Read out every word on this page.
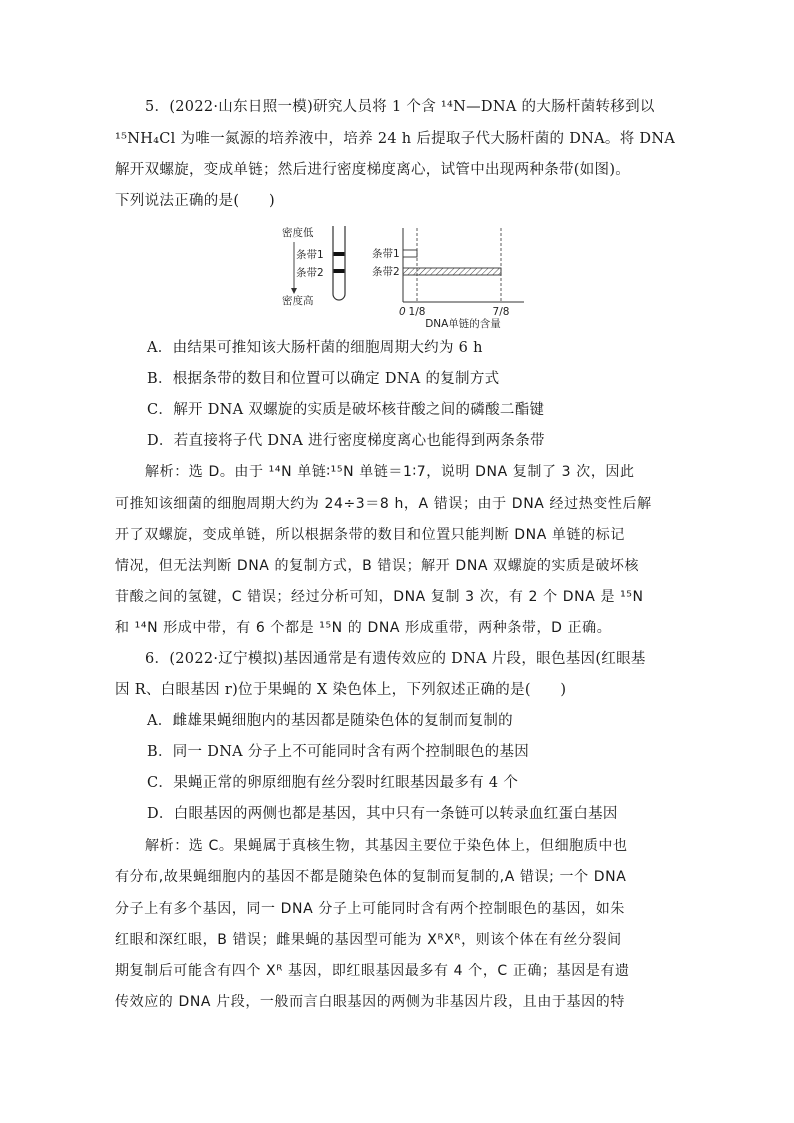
5．(2022·山东日照一模)研究人员将 1 个含 ¹⁴N—DNA 的大肠杆菌转移到以
¹⁵NH₄Cl 为唯一氮源的培养液中，培养 24 h 后提取子代大肠杆菌的 DNA。将 DNA
解开双螺旋，变成单链；然后进行密度梯度离心，试管中出现两种条带(如图)。
下列说法正确的是(　　)
密度低
条带1
条带2
密度高
条带1
条带2
0 1/8	7/8
DNA单链的含量
A．由结果可推知该大肠杆菌的细胞周期大约为 6 h
B．根据条带的数目和位置可以确定 DNA 的复制方式
C．解开 DNA 双螺旋的实质是破坏核苷酸之间的磷酸二酯键
D．若直接将子代 DNA 进行密度梯度离心也能得到两条条带
解析：选 D。由于 ¹⁴N 单链∶¹⁵N 单链＝1∶7，说明 DNA 复制了 3 次，因此
可推知该细菌的细胞周期大约为 24÷3＝8 h，A 错误；由于 DNA 经过热变性后解
开了双螺旋，变成单链，所以根据条带的数目和位置只能判断 DNA 单链的标记
情况，但无法判断 DNA 的复制方式，B 错误；解开 DNA 双螺旋的实质是破坏核
苷酸之间的氢键，C 错误；经过分析可知，DNA 复制 3 次，有 2 个 DNA 是 ¹⁵N
和 ¹⁴N 形成中带，有 6 个都是 ¹⁵N 的 DNA 形成重带，两种条带，D 正确。
6．(2022·辽宁模拟)基因通常是有遗传效应的 DNA 片段，眼色基因(红眼基
因 R、白眼基因 r)位于果蝇的 X 染色体上，下列叙述正确的是(　　)
A．雌雄果蝇细胞内的基因都是随染色体的复制而复制的
B．同一 DNA 分子上不可能同时含有两个控制眼色的基因
C．果蝇正常的卵原细胞有丝分裂时红眼基因最多有 4 个
D．白眼基因的两侧也都是基因，其中只有一条链可以转录血红蛋白基因
解析：选 C。果蝇属于真核生物，其基因主要位于染色体上，但细胞质中也
有分布,故果蝇细胞内的基因不都是随染色体的复制而复制的,A 错误; 一个 DNA
分子上有多个基因，同一 DNA 分子上可能同时含有两个控制眼色的基因，如朱
红眼和深红眼，B 错误；雌果蝇的基因型可能为 XᴿXᴿ，则该个体在有丝分裂间
期复制后可能含有四个 Xᴿ 基因，即红眼基因最多有 4 个，C 正确；基因是有遗
传效应的 DNA 片段，一般而言白眼基因的两侧为非基因片段，且由于基因的特
